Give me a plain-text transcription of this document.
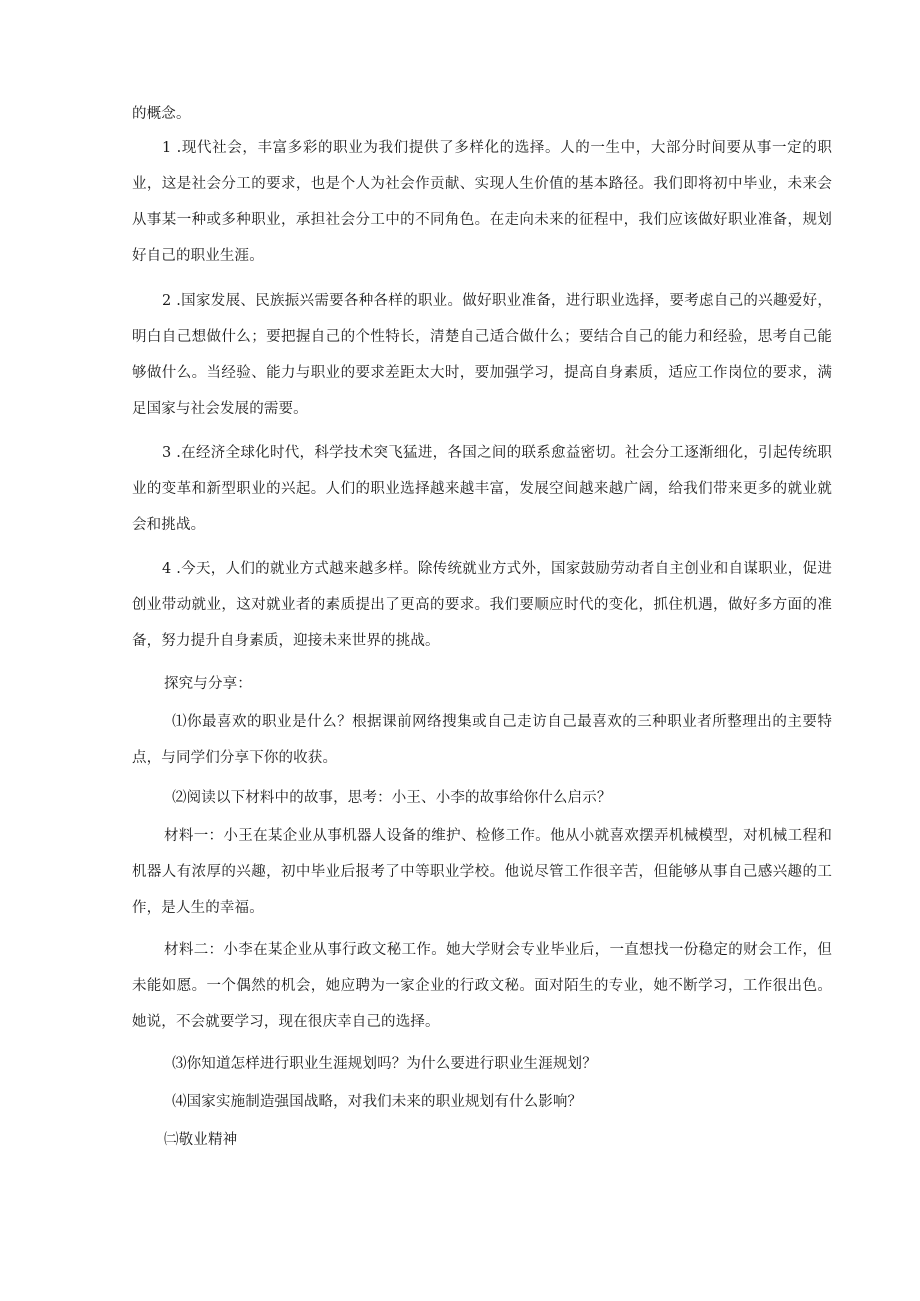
的概念。

1 .现代社会，丰富多彩的职业为我们提供了多样化的选择。人的一生中，大部分时间要从事一定的职业，这是社会分工的要求，也是个人为社会作贡献、实现人生价值的基本路径。我们即将初中毕业，未来会从事某一种或多种职业，承担社会分工中的不同角色。在走向未来的征程中，我们应该做好职业准备，规划好自己的职业生涯。

2 .国家发展、民族振兴需要各种各样的职业。做好职业准备，进行职业选择，要考虑自己的兴趣爱好，明白自己想做什么；要把握自己的个性特长，清楚自己适合做什么；要结合自己的能力和经验，思考自己能够做什么。当经验、能力与职业的要求差距太大时，要加强学习，提高自身素质，适应工作岗位的要求，满足国家与社会发展的需要。

3 .在经济全球化时代，科学技术突飞猛进，各国之间的联系愈益密切。社会分工逐渐细化，引起传统职业的变革和新型职业的兴起。人们的职业选择越来越丰富，发展空间越来越广阔，给我们带来更多的就业就会和挑战。

4 .今天，人们的就业方式越来越多样。除传统就业方式外，国家鼓励劳动者自主创业和自谋职业，促进创业带动就业，这对就业者的素质提出了更高的要求。我们要顺应时代的变化，抓住机遇，做好多方面的准备，努力提升自身素质，迎接未来世界的挑战。

探究与分享：

⑴你最喜欢的职业是什么？根据课前网络搜集或自己走访自己最喜欢的三种职业者所整理出的主要特点，与同学们分享下你的收获。

⑵阅读以下材料中的故事，思考：小王、小李的故事给你什么启示？

材料一：小王在某企业从事机器人设备的维护、检修工作。他从小就喜欢摆弄机械模型，对机械工程和机器人有浓厚的兴趣，初中毕业后报考了中等职业学校。他说尽管工作很辛苦，但能够从事自己感兴趣的工作，是人生的幸福。

材料二：小李在某企业从事行政文秘工作。她大学财会专业毕业后，一直想找一份稳定的财会工作，但未能如愿。一个偶然的机会，她应聘为一家企业的行政文秘。面对陌生的专业，她不断学习，工作很出色。她说，不会就要学习，现在很庆幸自己的选择。

⑶你知道怎样进行职业生涯规划吗？为什么要进行职业生涯规划？

⑷国家实施制造强国战略，对我们未来的职业规划有什么影响？

㈡敬业精神
